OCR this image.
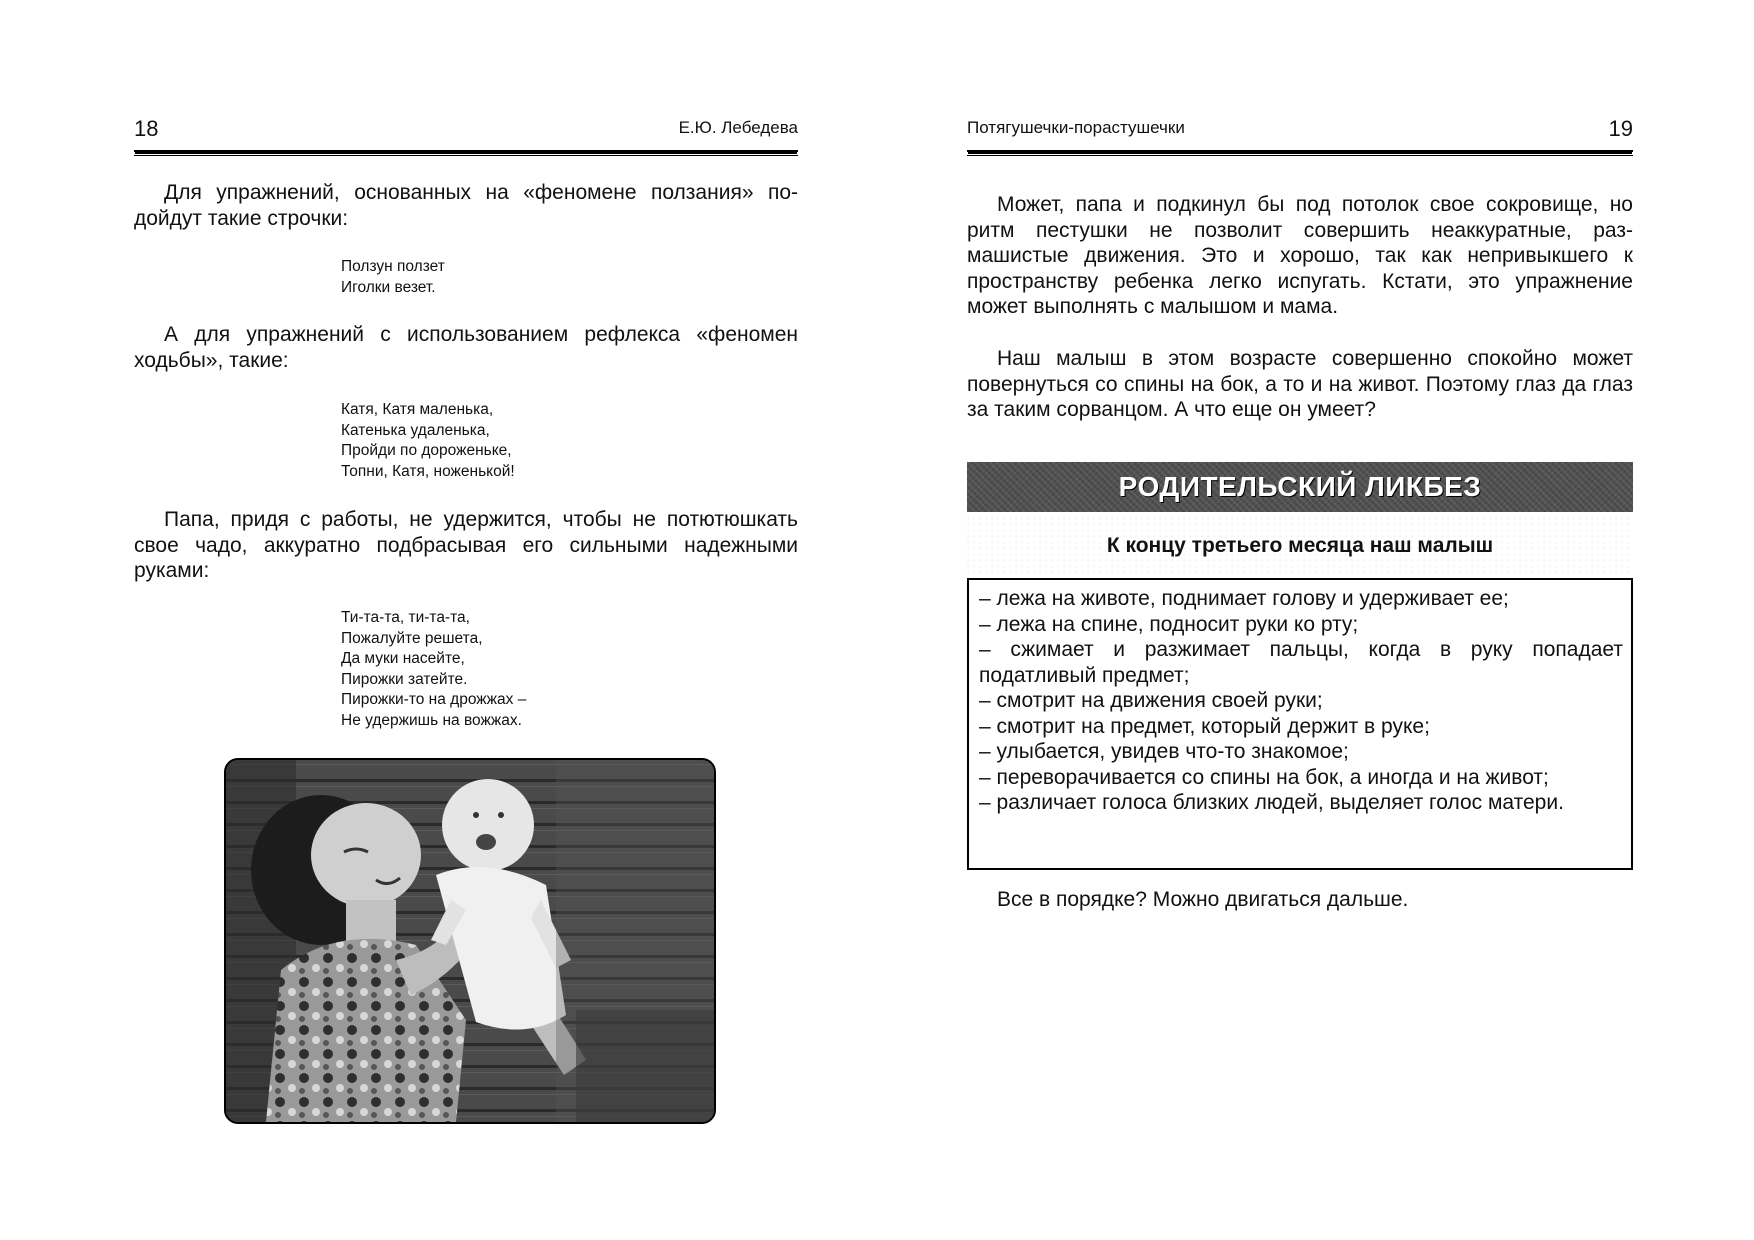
18	Е.Ю. Лебедева

Для упражнений, основанных на «феномене ползания» подойдут такие строчки:

Ползун ползет
Иголки везет.

А для упражнений с использованием рефлекса «феномен ходьбы», такие:

Катя, Катя маленька,
Катенька удаленька,
Пройди по дороженьке,
Топни, Катя, ноженькой!

Папа, придя с работы, не удержится, чтобы не потютюшкать свое чадо, аккуратно подбрасывая его сильными надежными руками:

Ти-та-та, ти-та-та,
Пожалуйте решета,
Да муки насейте,
Пирожки затейте.
Пирожки-то на дрожжах –
Не удержишь на вожжах.
Потягушечки-порастушечки	19

Может, папа и подкинул бы под потолок свое сокровище, но ритм пестушки не позволит совершить неаккуратные, размашистые движения. Это и хорошо, так как непривыкшего к пространству ребенка легко испугать. Кстати, это упражнение может выполнять с малышом и мама.

Наш малыш в этом возрасте совершенно спокойно может повернуться со спины на бок, а то и на живот. Поэтому глаз да глаз за таким сорванцом. А что еще он умеет?

РОДИТЕЛЬСКИЙ ЛИКБЕЗ
К концу третьего месяца наш малыш
– лежа на животе, поднимает голову и удерживает ее;
– лежа на спине, подносит руки ко рту;
– сжимает и разжимает пальцы, когда в руку попадает податливый предмет;
– смотрит на движения своей руки;
– смотрит на предмет, который держит в руке;
– улыбается, увидев что-то знакомое;
– переворачивается со спины на бок, а иногда и на живот;
– различает голоса близких людей, выделяет голос матери.

Все в порядке? Можно двигаться дальше.
